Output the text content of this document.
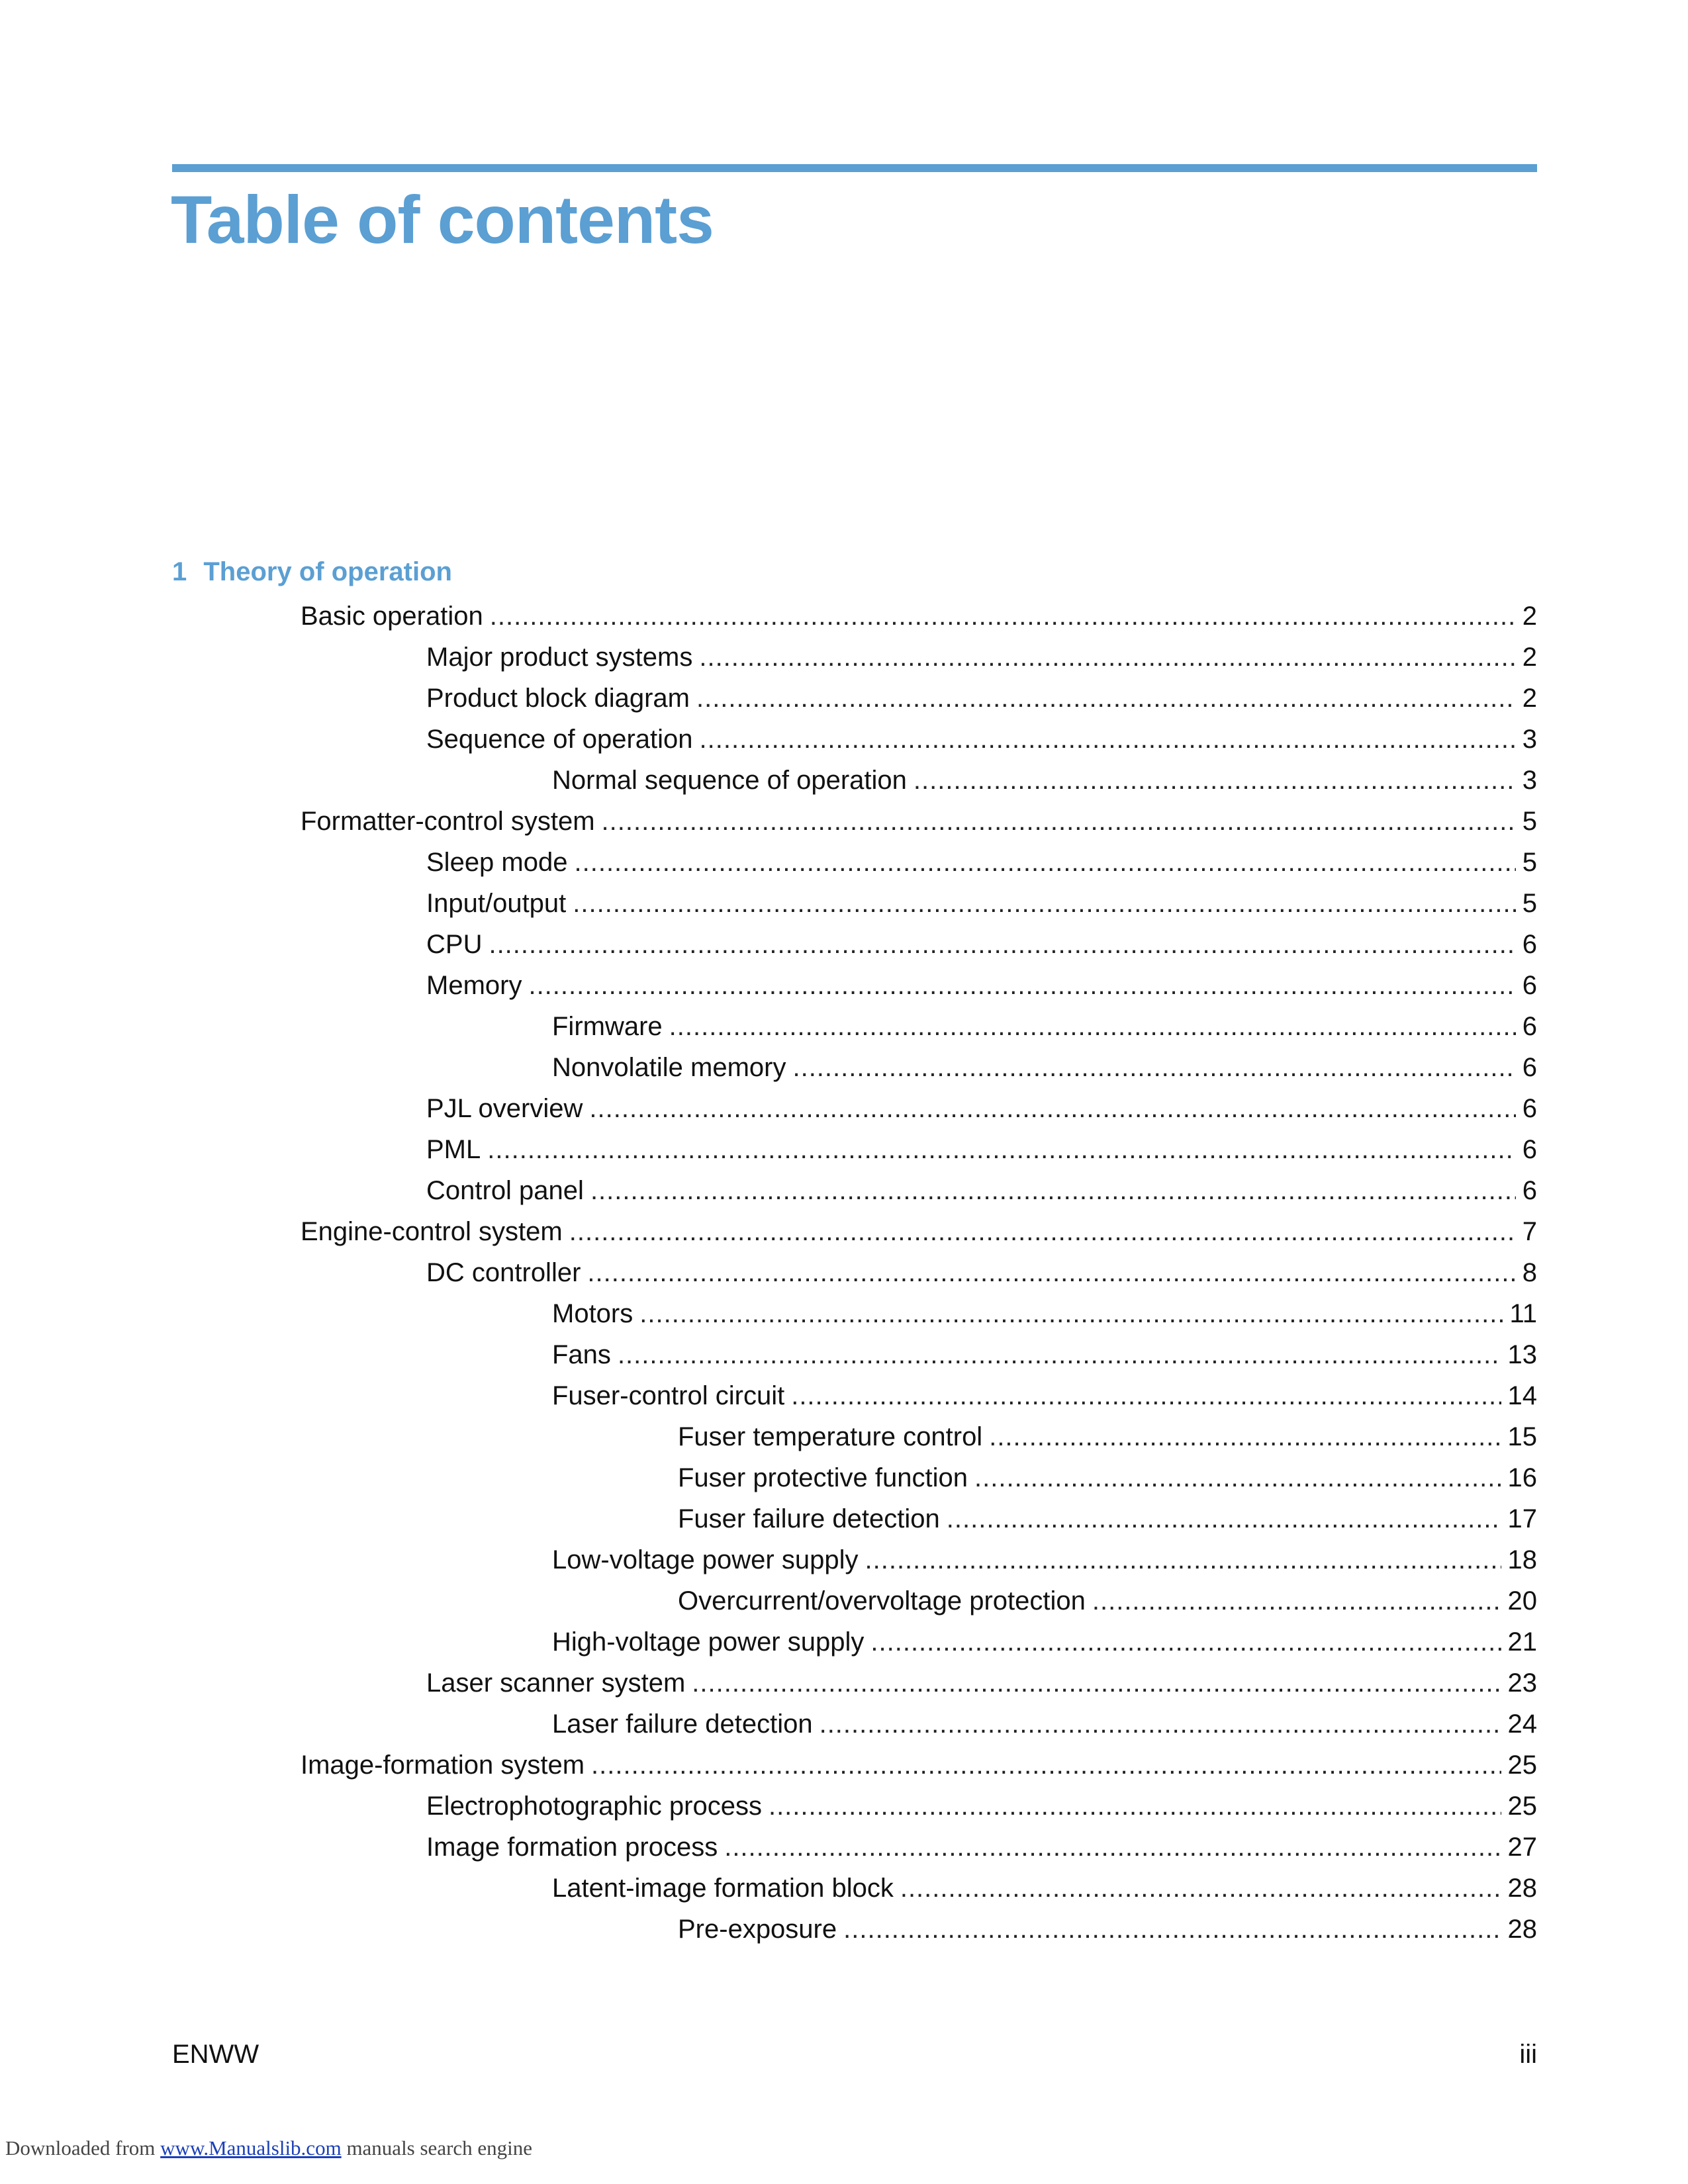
Table of contents
1 Theory of operation
Basic operation .....	2
Major product systems .....	2
Product block diagram .....	2
Sequence of operation .....	3
Normal sequence of operation .....	3
Formatter-control system .....	5
Sleep mode .....	5
Input/output .....	5
CPU .....	6
Memory .....	6
Firmware .....	6
Nonvolatile memory .....	6
PJL overview .....	6
PML .....	6
Control panel .....	6
Engine-control system .....	7
DC controller .....	8
Motors .....	11
Fans .....	13
Fuser-control circuit .....	14
Fuser temperature control .....	15
Fuser protective function .....	16
Fuser failure detection .....	17
Low-voltage power supply .....	18
Overcurrent/overvoltage protection .....	20
High-voltage power supply .....	21
Laser scanner system .....	23
Laser failure detection .....	24
Image-formation system .....	25
Electrophotographic process .....	25
Image formation process .....	27
Latent-image formation block .....	28
Pre-exposure .....	28
ENWW	iii
Downloaded from www.Manualslib.com manuals search engine
